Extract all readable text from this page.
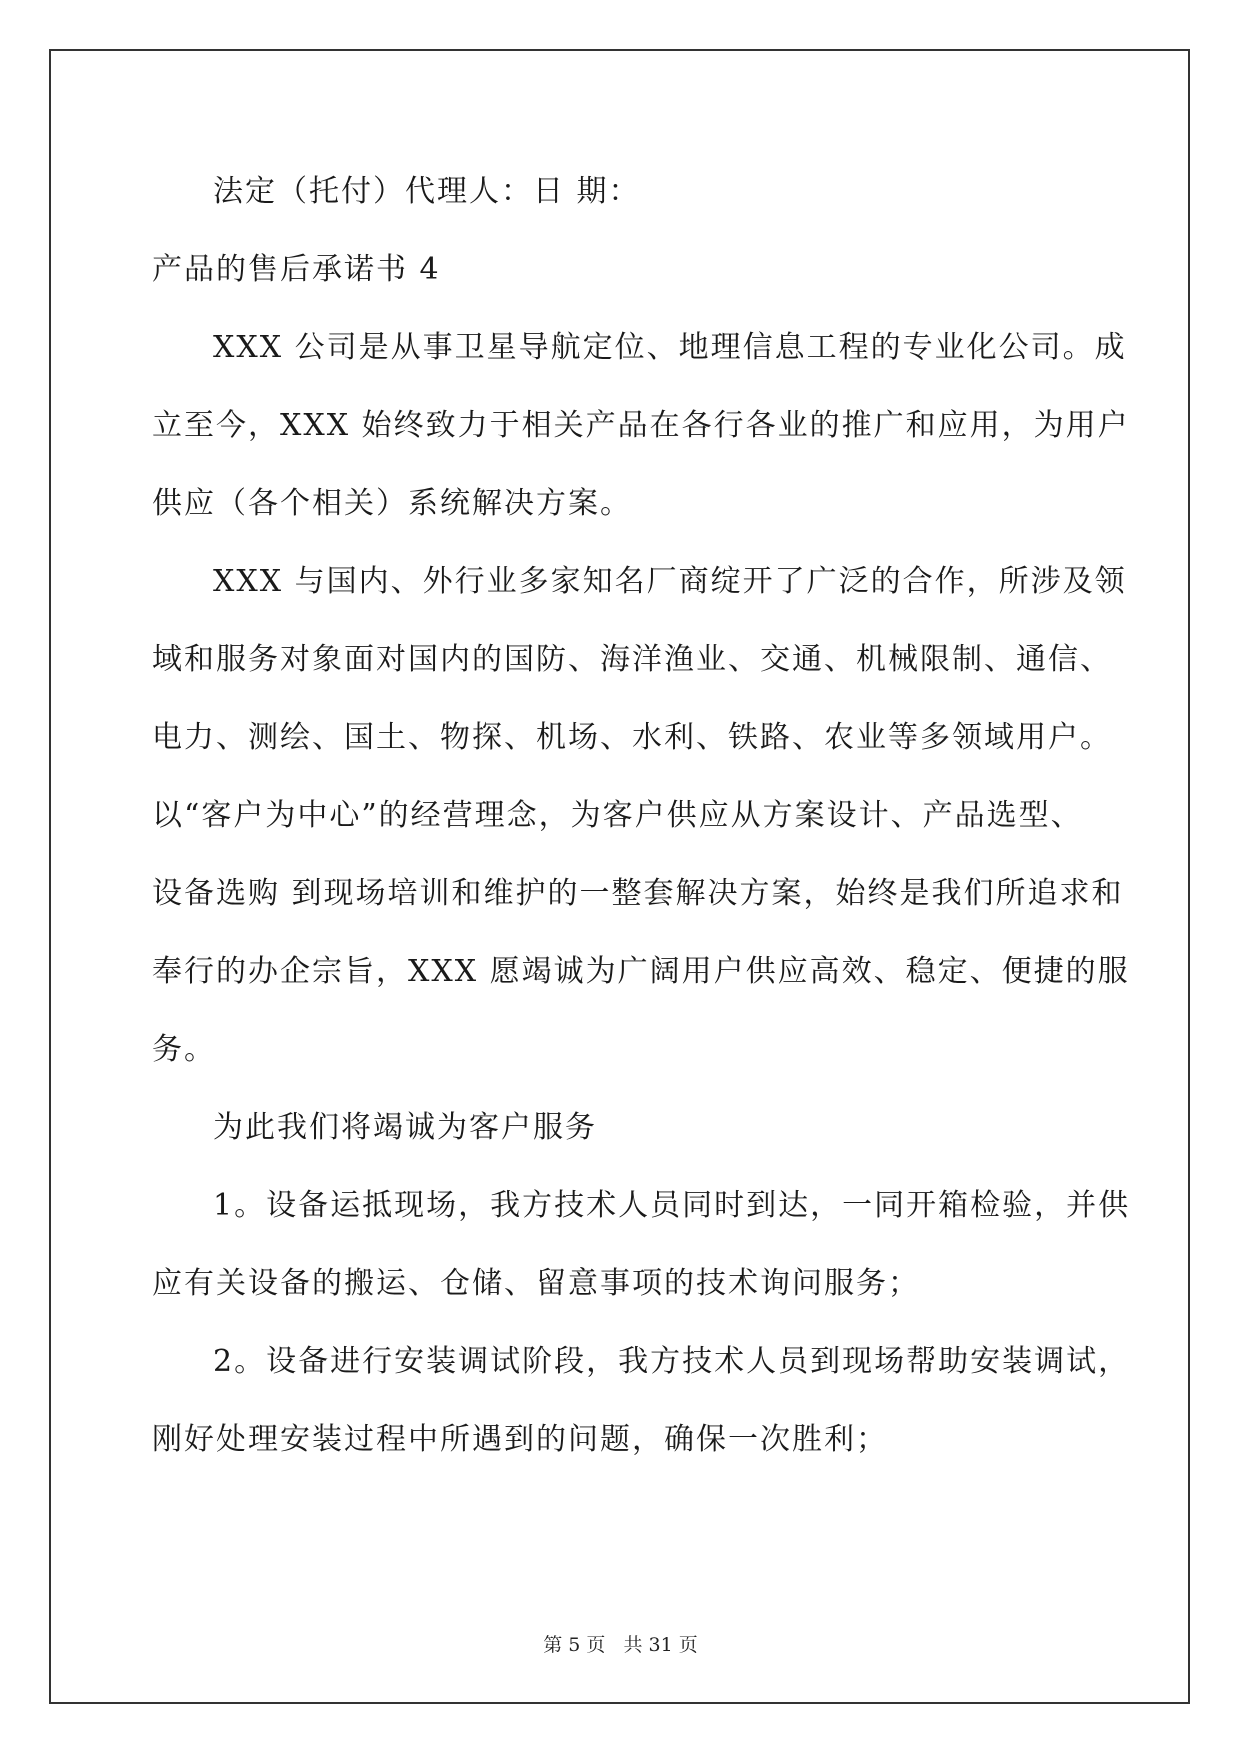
法定（托付）代理人：日 期：
产品的售后承诺书 4
XXX 公司是从事卫星导航定位、地理信息工程的专业化公司。成
立至今，XXX 始终致力于相关产品在各行各业的推广和应用，为用户
供应（各个相关）系统解决方案。
XXX 与国内、外行业多家知名厂商绽开了广泛的合作，所涉及领
域和服务对象面对国内的国防、海洋渔业、交通、机械限制、通信、
电力、测绘、国土、物探、机场、水利、铁路、农业等多领域用户。
以“客户为中心”的经营理念，为客户供应从方案设计、产品选型、
设备选购 到现场培训和维护的一整套解决方案，始终是我们所追求和
奉行的办企宗旨，XXX 愿竭诚为广阔用户供应高效、稳定、便捷的服
务。
为此我们将竭诚为客户服务
1。设备运抵现场，我方技术人员同时到达，一同开箱检验，并供
应有关设备的搬运、仓储、留意事项的技术询问服务；
2。设备进行安装调试阶段，我方技术人员到现场帮助安装调试，
刚好处理安装过程中所遇到的问题，确保一次胜利；
第 5 页 共 31 页
